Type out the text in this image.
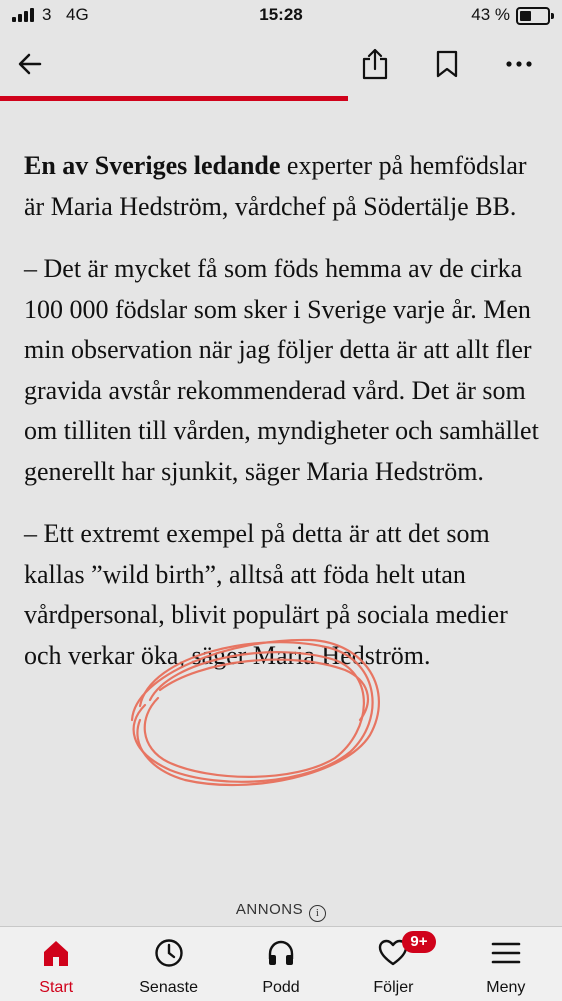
3 4G	15:28	43 %

En av Sveriges ledande experter på hemfödslar är Maria Hedström, vårdchef på Södertälje BB.

– Det är mycket få som föds hemma av de cirka 100 000 födslar som sker i Sverige varje år. Men min observation när jag följer detta är att allt fler gravida avstår rekommenderad vård. Det är som om tilliten till vården, myndigheter och samhället generellt har sjunkit, säger Maria Hedström.

– Ett extremt exempel på detta är att det som kallas ”wild birth”, alltså att föda helt utan vårdpersonal, blivit populärt på sociala medier och verkar öka, säger Maria Hedström.

ANNONS i
Start	Senaste	Podd
9+
Följer	Meny
